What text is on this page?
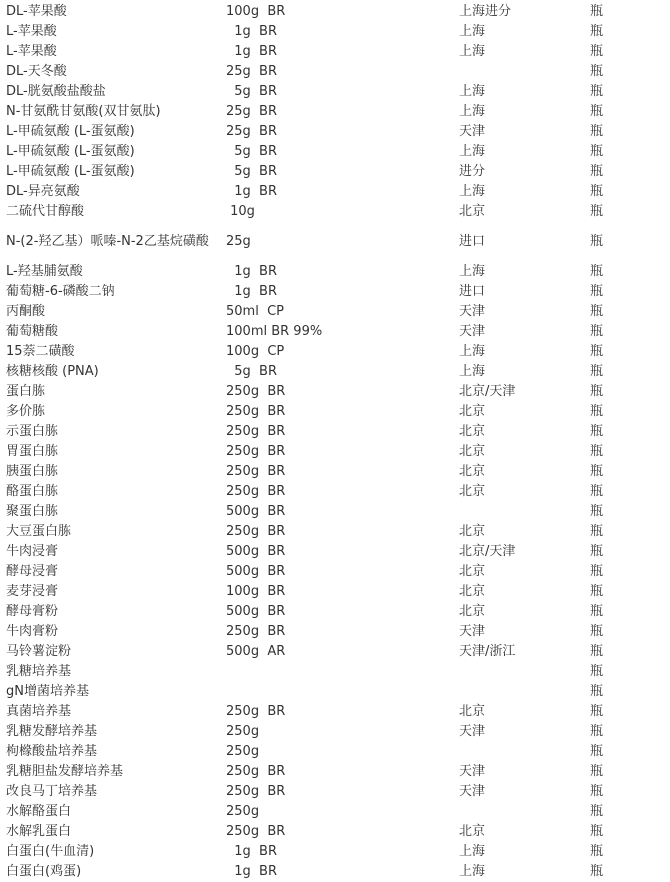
DL-苹果酸	100g  BR	上海进分	瓶
L-苹果酸	1g  BR	上海	瓶
L-苹果酸	1g  BR	上海	瓶
DL-天冬酸	25g  BR		瓶
DL-胱氨酸盐酸盐	5g  BR	上海	瓶
N-甘氨酰甘氨酸(双甘氨肽)	25g  BR	上海	瓶
L-甲硫氨酸 (L-蛋氨酸)	25g  BR	天津	瓶
L-甲硫氨酸 (L-蛋氨酸)	5g  BR	上海	瓶
L-甲硫氨酸 (L-蛋氨酸)	5g  BR	进分	瓶
DL-异亮氨酸	1g  BR	上海	瓶
二硫代甘醇酸	10g	北京	瓶
N-(2-羟乙基）哌嗪-N-2乙基烷磺酸	25g	进口	瓶
L-羟基脯氨酸	1g  BR	上海	瓶
葡萄糖-6-磷酸二钠	1g  BR	进口	瓶
丙酮酸	50ml  CP	天津	瓶
葡萄糖酸	100ml BR 99%	天津	瓶
15萘二磺酸	100g  CP	上海	瓶
核糖核酸 (PNA)	5g  BR	上海	瓶
蛋白胨	250g  BR	北京/天津	瓶
多价胨	250g  BR	北京	瓶
示蛋白胨	250g  BR	北京	瓶
胃蛋白胨	250g  BR	北京	瓶
胰蛋白胨	250g  BR	北京	瓶
酪蛋白胨	250g  BR	北京	瓶
聚蛋白胨	500g  BR		瓶
大豆蛋白胨	250g  BR	北京	瓶
牛肉浸膏	500g  BR	北京/天津	瓶
酵母浸膏	500g  BR	北京	瓶
麦芽浸膏	100g  BR	北京	瓶
酵母膏粉	500g  BR	北京	瓶
牛肉膏粉	250g  BR	天津	瓶
马铃薯淀粉	500g  AR	天津/浙江	瓶
乳糖培养基			瓶
gN增菌培养基			瓶
真菌培养基	250g  BR	北京	瓶
乳糖发酵培养基	250g	天津	瓶
枸橼酸盐培养基	250g		瓶
乳糖胆盐发酵培养基	250g  BR	天津	瓶
改良马丁培养基	250g  BR	天津	瓶
水解酪蛋白	250g		瓶
水解乳蛋白	250g  BR	北京	瓶
白蛋白(牛血清)	1g  BR	上海	瓶
白蛋白(鸡蛋)	1g  BR	上海	瓶
